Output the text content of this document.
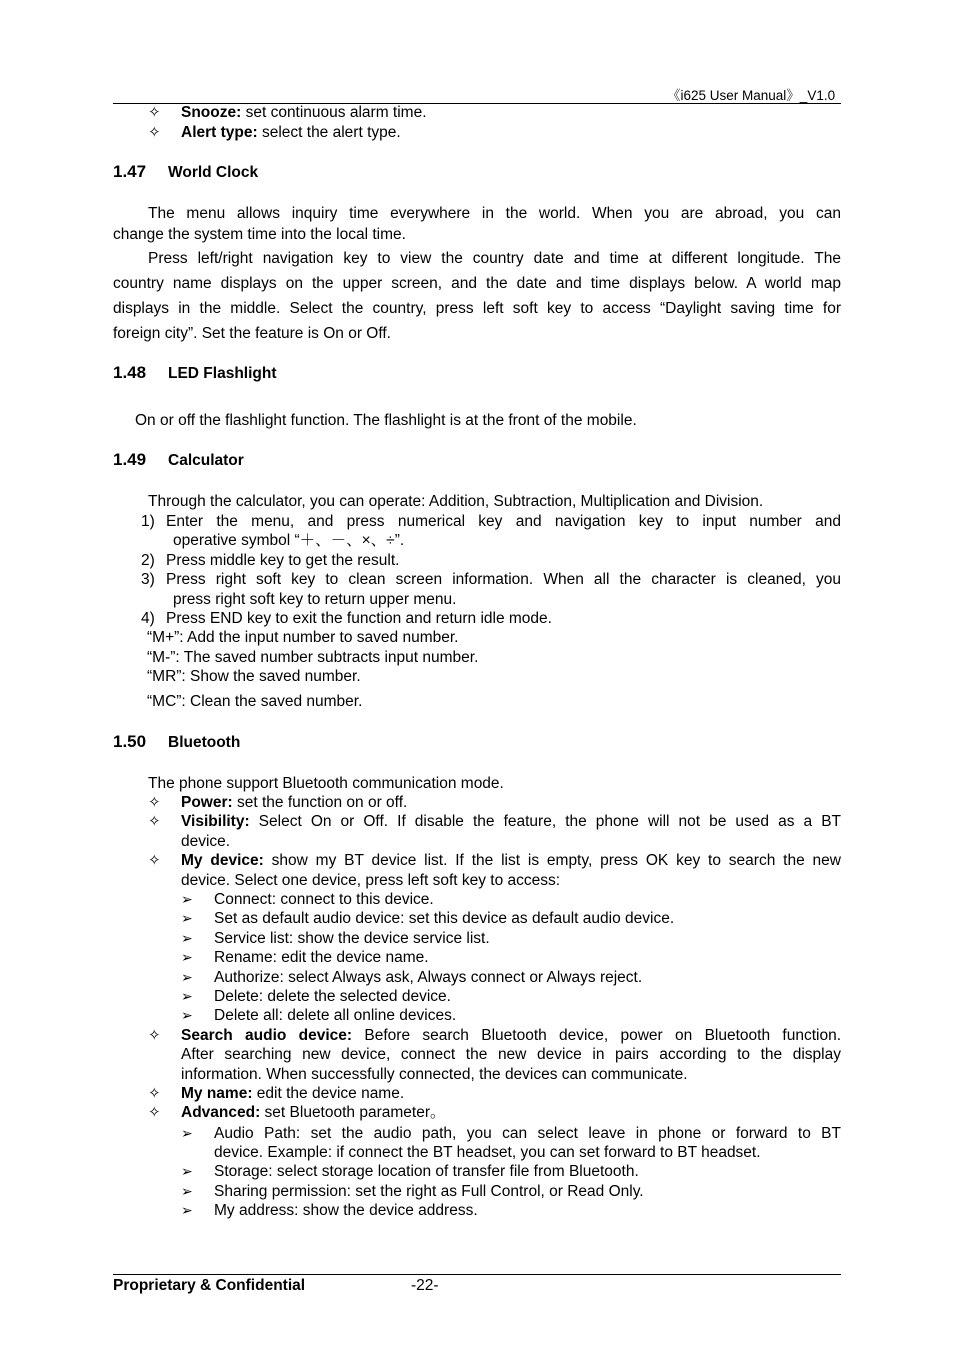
《i625 User Manual》_V1.0
✧ Snooze: set continuous alarm time.
✧ Alert type: select the alert type.
1.47 World Clock
The menu allows inquiry time everywhere in the world. When you are abroad, you can
change the system time into the local time.
Press left/right navigation key to view the country date and time at different longitude. The
country name displays on the upper screen, and the date and time displays below. A world map
displays in the middle. Select the country, press left soft key to access “Daylight saving time for
foreign city”. Set the feature is On or Off.
1.48 LED Flashlight
On or off the flashlight function. The flashlight is at the front of the mobile.
1.49 Calculator
Through the calculator, you can operate: Addition, Subtraction, Multiplication and Division.
1) Enter the menu, and press numerical key and navigation key to input number and
operative symbol “＋、－、×、÷”.
2) Press middle key to get the result.
3) Press right soft key to clean screen information. When all the character is cleaned, you
press right soft key to return upper menu.
4) Press END key to exit the function and return idle mode.
“M+”: Add the input number to saved number.
“M-”: The saved number subtracts input number.
“MR”: Show the saved number.
“MC”: Clean the saved number.
1.50 Bluetooth
The phone support Bluetooth communication mode.
✧ Power: set the function on or off.
✧ Visibility: Select On or Off. If disable the feature, the phone will not be used as a BT
device.
✧ My device: show my BT device list. If the list is empty, press OK key to search the new
device. Select one device, press left soft key to access:
➢ Connect: connect to this device.
➢ Set as default audio device: set this device as default audio device.
➢ Service list: show the device service list.
➢ Rename: edit the device name.
➢ Authorize: select Always ask, Always connect or Always reject.
➢ Delete: delete the selected device.
➢ Delete all: delete all online devices.
✧ Search audio device: Before search Bluetooth device, power on Bluetooth function.
After searching new device, connect the new device in pairs according to the display
information. When successfully connected, the devices can communicate.
✧ My name: edit the device name.
✧ Advanced: set Bluetooth parameter。
➢ Audio Path: set the audio path, you can select leave in phone or forward to BT
device. Example: if connect the BT headset, you can set forward to BT headset.
➢ Storage: select storage location of transfer file from Bluetooth.
➢ Sharing permission: set the right as Full Control, or Read Only.
➢ My address: show the device address.
Proprietary & Confidential	-22-
